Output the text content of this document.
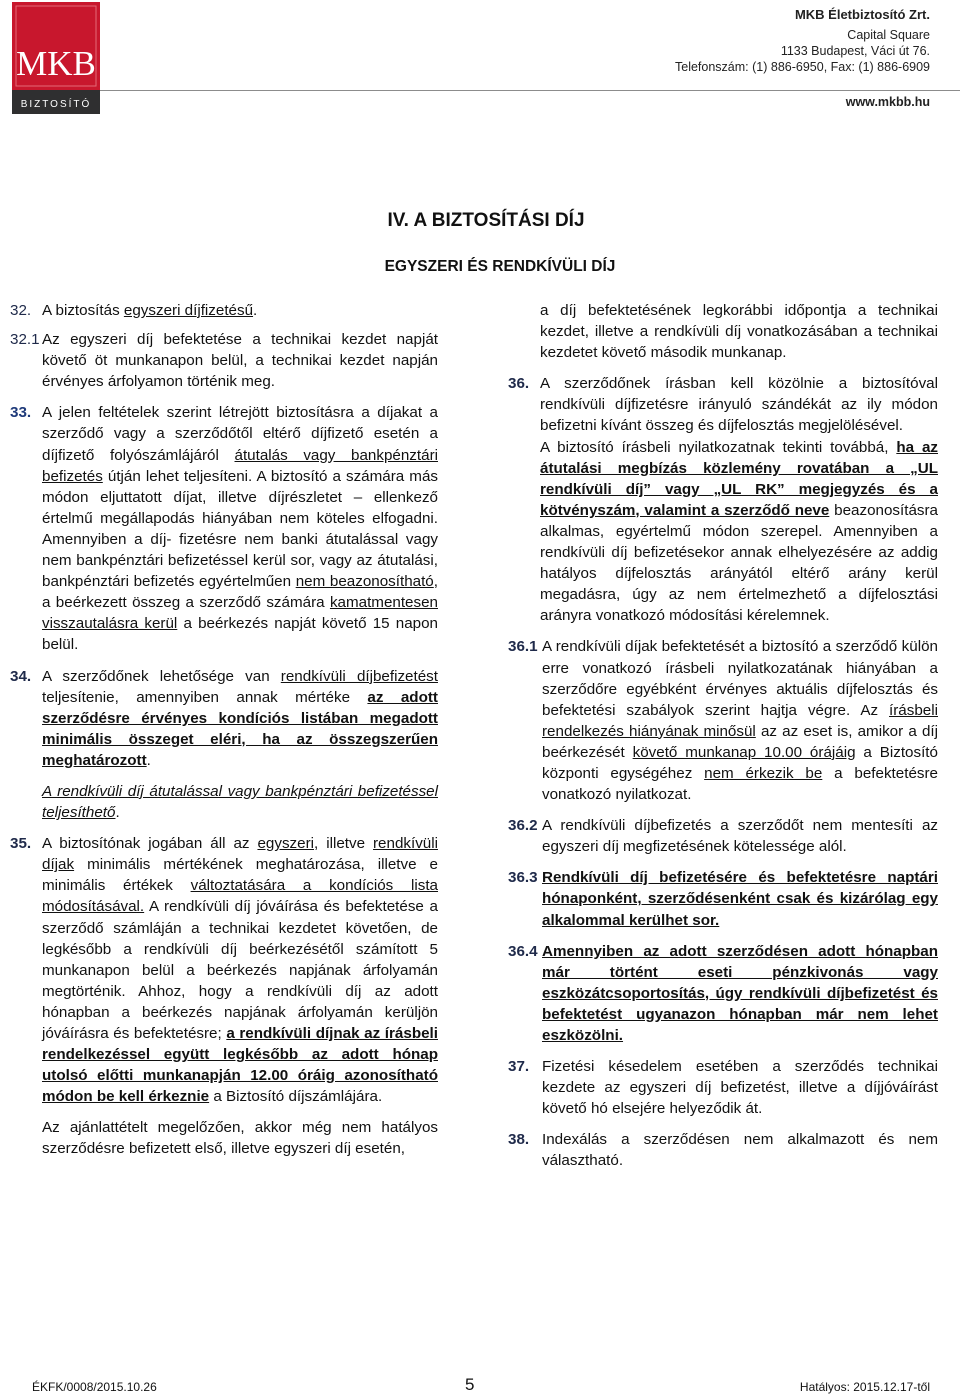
MKB
BIZTOSÍTÓ
MKB Életbiztosító Zrt.
Capital Square
1133 Budapest, Váci út 76.
Telefonszám: (1) 886-6950, Fax: (1) 886-6909
www.mkbb.hu
IV. A BIZTOSÍTÁSI DÍJ
EGYSZERI ÉS RENDKÍVÜLI DÍJ
32. A biztosítás egyszeri díjfizetésű.
32.1 Az egyszeri díj befektetése a technikai kezdet napját követő öt munkanapon belül, a technikai kezdet napján érvényes árfolyamon történik meg.
33. A jelen feltételek szerint létrejött biztosításra a díjakat a szerződő vagy a szerződőtől eltérő díjfizető esetén a díjfizető folyószámlájáról átutalás vagy bankpénztári befizetés útján lehet teljesíteni. A biztosító a számára más módon eljuttatott díjat, illetve díjrészletet – ellenkező értelmű megállapodás hiányában nem köteles elfogadni. Amennyiben a díj- fizetésre nem banki átutalással vagy nem bankpénztári befizetéssel kerül sor, vagy az átutalási, bankpénztári befizetés egyértelműen nem beazonosítható, a beérkezett összeg a szerződő számára kamatmentesen visszautalásra kerül a beérkezés napját követő 15 napon belül.
34. A szerződőnek lehetősége van rendkívüli díjbefizetést teljesítenie, amennyiben annak mértéke az adott szerződésre érvényes kondíciós listában megadott minimális összeget eléri, ha az összegszerűen meghatározott.
A rendkívüli díj átutalással vagy bankpénztári befizetéssel teljesíthető.
35. A biztosítónak jogában áll az egyszeri, illetve rendkívüli díjak minimális mértékének meghatározása, illetve e minimális értékek változtatására a kondíciós lista módosításával. A rendkívüli díj jóváírása és befektetése a szerződő számláján a technikai kezdetet követően, de legkésőbb a rendkívüli díj beérkezésétől számított 5 munkanapon belül a beérkezés napjának árfolyamán megtörténik. Ahhoz, hogy a rendkívüli díj az adott hónapban a beérkezés napjának árfolyamán kerüljön jóváírásra és befektetésre; a rendkívüli díjnak az írásbeli rendelkezéssel együtt legkésőbb az adott hónap utolsó előtti munkanapján 12.00 óráig azonosítható módon be kell érkeznie a Biztosító díjszámlájára.
Az ajánlattételt megelőzően, akkor még nem hatályos szerződésre befizetett első, illetve egyszeri díj esetén,
a díj befektetésének legkorábbi időpontja a technikai kezdet, illetve a rendkívüli díj vonatkozásában a technikai kezdetet követő második munkanap.
36. A szerződőnek írásban kell közölnie a biztosítóval rendkívüli díjfizetésre irányuló szándékát az ily módon befizetni kívánt összeg és díjfelosztás megjelölésével.
A biztosító írásbeli nyilatkozatnak tekinti továbbá, ha az átutalási megbízás közlemény rovatában a „UL rendkívüli díj” vagy „UL RK” megjegyzés és a kötvényszám, valamint a szerződő neve beazonosításra alkalmas, egyértelmű módon szerepel. Amennyiben a rendkívüli díj befizetésekor annak elhelyezésére az addig hatályos díjfelosztás arányától eltérő arány kerül megadásra, úgy az nem értelmezhető a díjfelosztási arányra vonatkozó módosítási kérelemnek.
36.1 A rendkívüli díjak befektetését a biztosító a szerződő külön erre vonatkozó írásbeli nyilatkozatának hiányában a szerződőre egyébként érvényes aktuális díjfelosztás és befektetési szabályok szerint hajtja végre. Az írásbeli rendelkezés hiányának minősül az az eset is, amikor a díj beérkezését követő munkanap 10.00 órájáig a Biztosító központi egységéhez nem érkezik be a befektetésre vonatkozó nyilatkozat.
36.2 A rendkívüli díjbefizetés a szerződőt nem mentesíti az egyszeri díj megfizetésének kötelessége alól.
36.3 Rendkívüli díj befizetésére és befektetésre naptári hónaponként, szerződésenként csak és kizárólag egy alkalommal kerülhet sor.
36.4 Amennyiben az adott szerződésen adott hónapban már történt eseti pénzkivonás vagy eszközátcsoportosítás, úgy rendkívüli díjbefizetést és befektetést ugyanazon hónapban már nem lehet eszközölni.
37. Fizetési késedelem esetében a szerződés technikai kezdete az egyszeri díj befizetést, illetve a díjjóváírást követő hó elsejére helyeződik át.
38. Indexálás a szerződésen nem alkalmazott és nem választható.
ÉKFK/0008/2015.10.26	5	Hatályos: 2015.12.17-től
